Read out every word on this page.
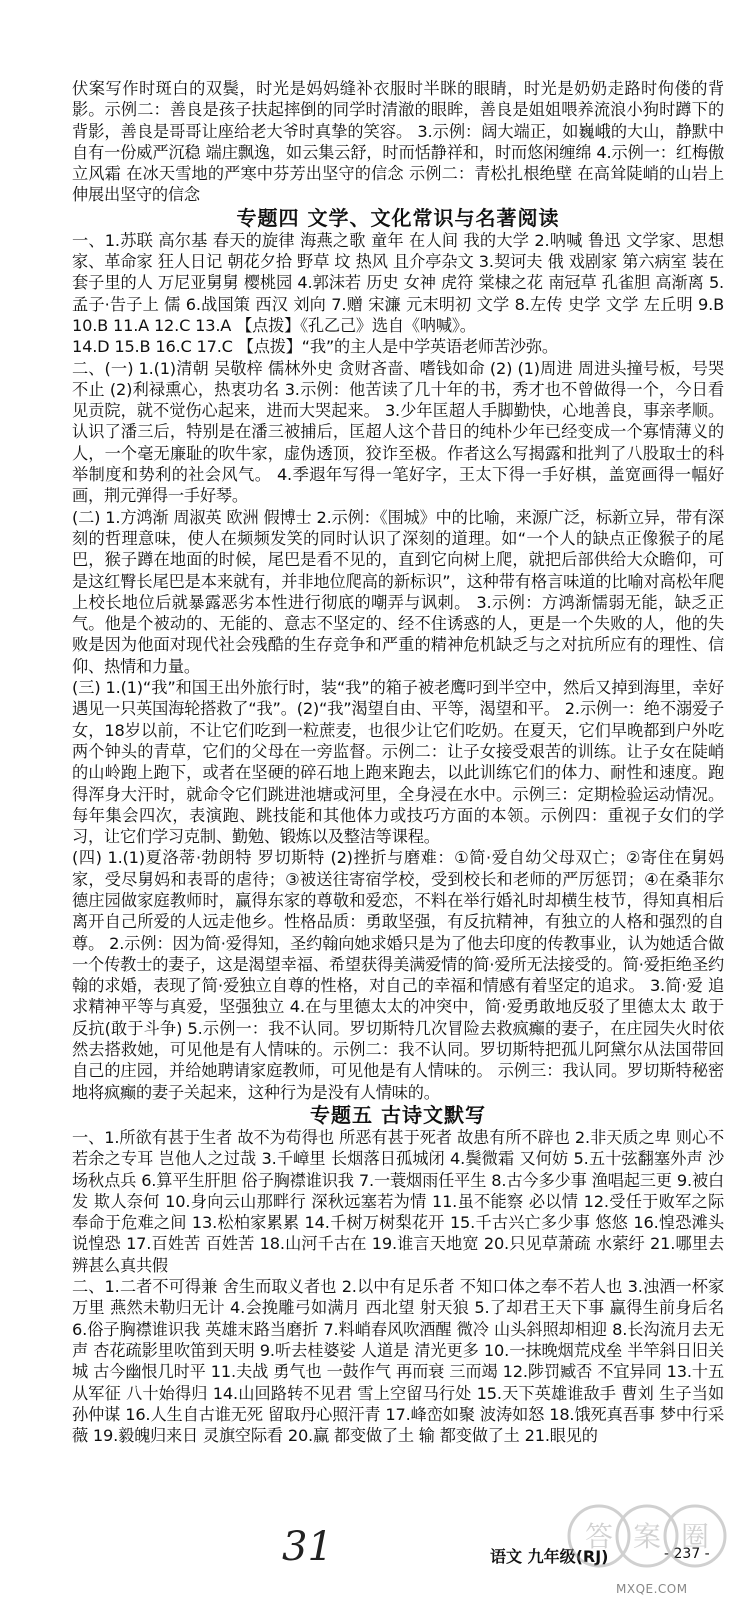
伏案写作时斑白的双鬓，时光是妈妈缝补衣服时半眯的眼睛，时光是奶奶走路时佝偻的背影。示例二：善良是孩子扶起摔倒的同学时清澈的眼眸，善良是姐姐喂养流浪小狗时蹲下的背影，善良是哥哥让座给老大爷时真挚的笑容。 3.示例：阔大端正，如巍峨的大山，静默中自有一份威严沉稳 端庄飘逸，如云集云舒，时而恬静祥和，时而悠闲缠绵 4.示例一：红梅傲立风霜 在冰天雪地的严寒中芬芳出坚守的信念 示例二：青松扎根绝壁 在高耸陡峭的山岩上伸展出坚守的信念

专题四 文学、文化常识与名著阅读

一、1.苏联 高尔基 春天的旋律 海燕之歌 童年 在人间 我的大学 2.呐喊 鲁迅 文学家、思想家、革命家 狂人日记 朝花夕拾 野草 坟 热风 且介亭杂文 3.契诃夫 俄 戏剧家 第六病室 装在套子里的人 万尼亚舅舅 樱桃园 4.郭沫若 历史 女神 虎符 棠棣之花 南冠草 孔雀胆 高渐离 5.孟子·告子上 儒 6.战国策 西汉 刘向 7.赠 宋濂 元末明初 文学 8.左传 史学 文学 左丘明 9.B 10.B 11.A 12.C 13.A 【点拨】《孔乙己》选自《呐喊》。

14.D 15.B 16.C 17.C 【点拨】“我”的主人是中学英语老师苦沙弥。

二、(一) 1.(1)清朝 吴敬梓 儒林外史 贪财吝啬、嗜钱如命 (2) (1)周进 周进头撞号板，号哭不止 (2)利禄熏心，热衷功名 3.示例：他苦读了几十年的书，秀才也不曾做得一个，今日看见贡院，就不觉伤心起来，进而大哭起来。 3.少年匡超人手脚勤快，心地善良，事亲孝顺。认识了潘三后，特别是在潘三被捕后，匡超人这个昔日的纯朴少年已经变成一个寡情薄义的人，一个毫无廉耻的吹牛家，虚伪透顶，狡诈至极。作者这么写揭露和批判了八股取士的科举制度和势利的社会风气。 4.季遐年写得一笔好字，王太下得一手好棋，盖宽画得一幅好画，荆元弹得一手好琴。

(二) 1.方鸿渐 周淑英 欧洲 假博士 2.示例：《围城》中的比喻，来源广泛，标新立异，带有深刻的哲理意味，使人在频频发笑的同时认识了深刻的道理。如“一个人的缺点正像猴子的尾巴，猴子蹲在地面的时候，尾巴是看不见的，直到它向树上爬，就把后部供给大众瞻仰，可是这红臀长尾巴是本来就有，并非地位爬高的新标识”，这种带有格言味道的比喻对高松年爬上校长地位后就暴露恶劣本性进行彻底的嘲弄与讽刺。 3.示例：方鸿渐懦弱无能，缺乏正气。他是个被动的、无能的、意志不坚定的、经不住诱惑的人，更是一个失败的人，他的失败是因为他面对现代社会残酷的生存竞争和严重的精神危机缺乏与之对抗所应有的理性、信仰、热情和力量。

(三) 1.(1)“我”和国王出外旅行时，装“我”的箱子被老鹰叼到半空中，然后又掉到海里，幸好遇见一只英国海轮搭救了“我”。(2)“我”渴望自由、平等，渴望和平。 2.示例一：绝不溺爱子女，18岁以前，不让它们吃到一粒蔗麦，也很少让它们吃奶。在夏天，它们早晚都到户外吃两个钟头的青草，它们的父母在一旁监督。示例二：让子女接受艰苦的训练。让子女在陡峭的山岭跑上跑下，或者在坚硬的碎石地上跑来跑去，以此训练它们的体力、耐性和速度。跑得浑身大汗时，就命令它们跳进池塘或河里，全身浸在水中。示例三：定期检验运动情况。每年集会四次，表演跑、跳技能和其他体力或技巧方面的本领。示例四：重视子女们的学习，让它们学习克制、勤勉、锻炼以及整洁等课程。

(四) 1.(1)夏洛蒂·勃朗特 罗切斯特 (2)挫折与磨难：①简·爱自幼父母双亡；②寄住在舅妈家，受尽舅妈和表哥的虐待；③被送往寄宿学校，受到校长和老师的严厉惩罚；④在桑菲尔德庄园做家庭教师时，赢得东家的尊敬和爱恋，不料在举行婚礼时却横生枝节，得知真相后离开自己所爱的人远走他乡。性格品质：勇敢坚强，有反抗精神，有独立的人格和强烈的自尊。 2.示例：因为简·爱得知，圣约翰向她求婚只是为了他去印度的传教事业，认为她适合做一个传教士的妻子，这是渴望幸福、希望获得美满爱情的简·爱所无法接受的。简·爱拒绝圣约翰的求婚，表现了简·爱独立自尊的性格，对自己的幸福和情感有着坚定的追求。 3.简·爱 追求精神平等与真爱，坚强独立 4.在与里德太太的冲突中，简·爱勇敢地反驳了里德太太 敢于反抗(敢于斗争) 5.示例一：我不认同。罗切斯特几次冒险去救疯癫的妻子，在庄园失火时依然去搭救她，可见他是有人情味的。示例二：我不认同。罗切斯特把孤儿阿黛尔从法国带回自己的庄园，并给她聘请家庭教师，可见他是有人情味的。 示例三：我认同。罗切斯特秘密地将疯癫的妻子关起来，这种行为是没有人情味的。

专题五 古诗文默写

一、1.所欲有甚于生者 故不为苟得也 所恶有甚于死者 故患有所不辟也 2.非天质之卑 则心不若余之专耳 岂他人之过哉 3.千嶂里 长烟落日孤城闭 4.鬓微霜 又何妨 5.五十弦翻塞外声 沙场秋点兵 6.算平生肝胆 俗子胸襟谁识我 7.一蓑烟雨任平生 8.古今多少事 渔唱起三更 9.被白发 欺人奈何 10.身向云山那畔行 深秋远塞若为情 11.虽不能察 必以情 12.受任于败军之际 奉命于危难之间 13.松柏家累累 14.千树万树梨花开 15.千古兴亡多少事 悠悠 16.惶恐滩头说惶恐 17.百姓苦 百姓苦 18.山河千古在 19.谁言天地宽 20.只见草萧疏 水萦纡 21.哪里去辨甚么真共假

二、1.二者不可得兼 舍生而取义者也 2.以中有足乐者 不知口体之奉不若人也 3.浊酒一杯家万里 燕然未勒归无计 4.会挽雕弓如满月 西北望 射天狼 5.了却君王天下事 赢得生前身后名 6.俗子胸襟谁识我 英雄末路当磨折 7.料峭春风吹酒醒 微冷 山头斜照却相迎 8.长沟流月去无声 杏花疏影里吹笛到天明 9.听去桂婆娑 人道是 清光更多 10.一抹晚烟荒戍垒 半竿斜日旧关城 古今幽恨几时平 11.夫战 勇气也 一鼓作气 再而衰 三而竭 12.陟罚臧否 不宜异同 13.十五从军征 八十始得归 14.山回路转不见君 雪上空留马行处 15.天下英雄谁敌手 曹刘 生子当如孙仲谋 16.人生自古谁无死 留取丹心照汗青 17.峰峦如聚 波涛如怒 18.饿死真吾事 梦中行采薇 19.毅魄归来日 灵旗空际看 20.赢 都变做了土 输 都变做了土 21.眼见的

31	语文 九年级(RJ)	- 237 -
答 案 圈
MXQE.COM
